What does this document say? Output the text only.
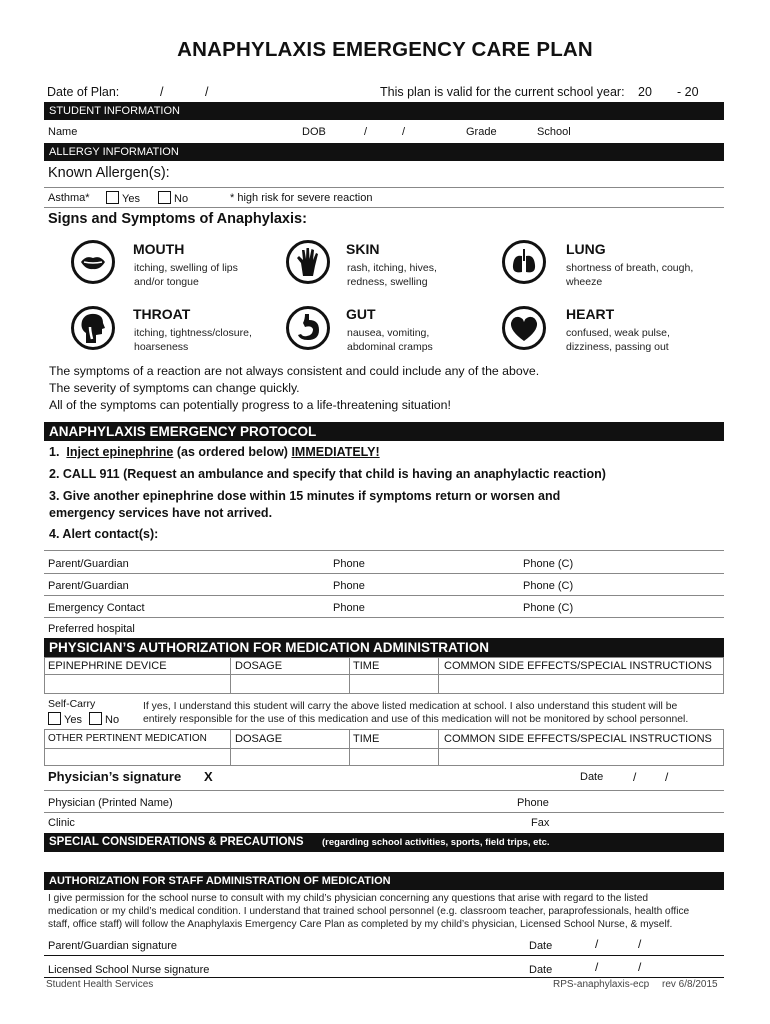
ANAPHYLAXIS EMERGENCY CARE PLAN
Date of Plan:	/	/	This plan is valid for the current school year: 20 - 20
STUDENT INFORMATION
Name	DOB	/	/	Grade	School
ALLERGY INFORMATION
Known Allergen(s):
Asthma*	Yes	No	* high risk for severe reaction
Signs and Symptoms of Anaphylaxis:
MOUTH
itching, swelling of lips
and/or tongue
SKIN
rash, itching, hives,
redness, swelling
LUNG
shortness of breath, cough,
wheeze
THROAT
itching, tightness/closure,
hoarseness
GUT
nausea, vomiting,
abdominal cramps
HEART
confused, weak pulse,
dizziness, passing out
The symptoms of a reaction are not always consistent and could include any of the above.
The severity of symptoms can change quickly.
All of the symptoms can potentially progress to a life-threatening situation!
ANAPHYLAXIS EMERGENCY PROTOCOL
1. Inject epinephrine (as ordered below) IMMEDIATELY!
2. CALL 911 (Request an ambulance and specify that child is having an anaphylactic reaction)
3. Give another epinephrine dose within 15 minutes if symptoms return or worsen and
emergency services have not arrived.
4. Alert contact(s):
Parent/Guardian	Phone	Phone (C)
Parent/Guardian	Phone	Phone (C)
Emergency Contact	Phone	Phone (C)
Preferred hospital
PHYSICIAN’S AUTHORIZATION FOR MEDICATION ADMINISTRATION
EPINEPHRINE DEVICE	DOSAGE	TIME	COMMON SIDE EFFECTS/SPECIAL INSTRUCTIONS
Self-Carry
Yes	No
If yes, I understand this student will carry the above listed medication at school. I also understand this student will be
entirely responsible for the use of this medication and use of this medication will not be monitored by school personnel.
OTHER PERTINENT MEDICATION	DOSAGE	TIME	COMMON SIDE EFFECTS/SPECIAL INSTRUCTIONS
Physician’s signature X	Date / /
Physician (Printed Name)	Phone
Clinic	Fax
SPECIAL CONSIDERATIONS & PRECAUTIONS (regarding school activities, sports, field trips, etc.
AUTHORIZATION FOR STAFF ADMINISTRATION OF MEDICATION
I give permission for the school nurse to consult with my child’s physician concerning any questions that arise with regard to the listed
medication or my child’s medical condition. I understand that trained school personnel (e.g. classroom teacher, paraprofessionals, health office
staff, office staff) will follow the Anaphylaxis Emergency Care Plan as completed by my child’s physician, Licensed School Nurse, & myself.
Parent/Guardian signature	Date	/	/
Licensed School Nurse signature	Date	/	/
Student Health Services	RPS-anaphylaxis-ecp rev 6/8/2015
